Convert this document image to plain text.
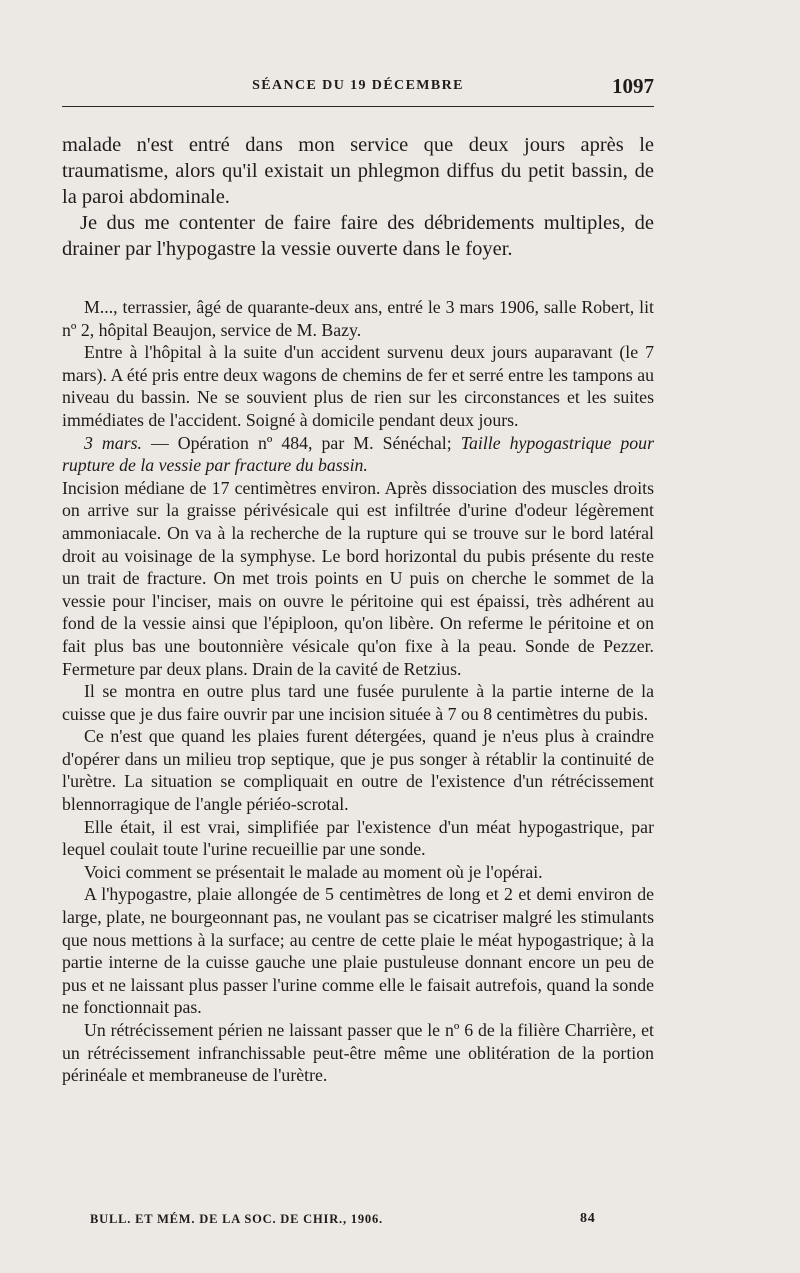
SÉANCE DU 19 DÉCEMBRE	1097

malade n'est entré dans mon service que deux jours après le traumatisme, alors qu'il existait un phlegmon diffus du petit bassin, de la paroi abdominale.

Je dus me contenter de faire faire des débridements multiples, de drainer par l'hypogastre la vessie ouverte dans le foyer.

M..., terrassier, âgé de quarante-deux ans, entré le 3 mars 1906, salle Robert, lit nº 2, hôpital Beaujon, service de M. Bazy.

Entre à l'hôpital à la suite d'un accident survenu deux jours auparavant (le 7 mars). A été pris entre deux wagons de chemins de fer et serré entre les tampons au niveau du bassin. Ne se souvient plus de rien sur les circonstances et les suites immédiates de l'accident. Soigné à domicile pendant deux jours.

3 mars. — Opération nº 484, par M. Sénéchal; Taille hypogastrique pour rupture de la vessie par fracture du bassin.

Incision médiane de 17 centimètres environ. Après dissociation des muscles droits on arrive sur la graisse périvésicale qui est infiltrée d'urine d'odeur légèrement ammoniacale. On va à la recherche de la rupture qui se trouve sur le bord latéral droit au voisinage de la symphyse. Le bord horizontal du pubis présente du reste un trait de fracture. On met trois points en U puis on cherche le sommet de la vessie pour l'inciser, mais on ouvre le péritoine qui est épaissi, très adhérent au fond de la vessie ainsi que l'épiploon, qu'on libère. On referme le péritoine et on fait plus bas une boutonnière vésicale qu'on fixe à la peau. Sonde de Pezzer. Fermeture par deux plans. Drain de la cavité de Retzius.

Il se montra en outre plus tard une fusée purulente à la partie interne de la cuisse que je dus faire ouvrir par une incision située à 7 ou 8 centimètres du pubis.

Ce n'est que quand les plaies furent détergées, quand je n'eus plus à craindre d'opérer dans un milieu trop septique, que je pus songer à rétablir la continuité de l'urètre. La situation se compliquait en outre de l'existence d'un rétrécissement blennorragique de l'angle périéo-scrotal.

Elle était, il est vrai, simplifiée par l'existence d'un méat hypogastrique, par lequel coulait toute l'urine recueillie par une sonde.

Voici comment se présentait le malade au moment où je l'opérai.

A l'hypogastre, plaie allongée de 5 centimètres de long et 2 et demi environ de large, plate, ne bourgeonnant pas, ne voulant pas se cicatriser malgré les stimulants que nous mettions à la surface; au centre de cette plaie le méat hypogastrique; à la partie interne de la cuisse gauche une plaie pustuleuse donnant encore un peu de pus et ne laissant plus passer l'urine comme elle le faisait autrefois, quand la sonde ne fonctionnait pas.

Un rétrécissement périen ne laissant passer que le nº 6 de la filière Charrière, et un rétrécissement infranchissable peut-être même une oblitération de la portion périnéale et membraneuse de l'urètre.

BULL. ET MÉM. DE LA SOC. DE CHIR., 1906.	84
